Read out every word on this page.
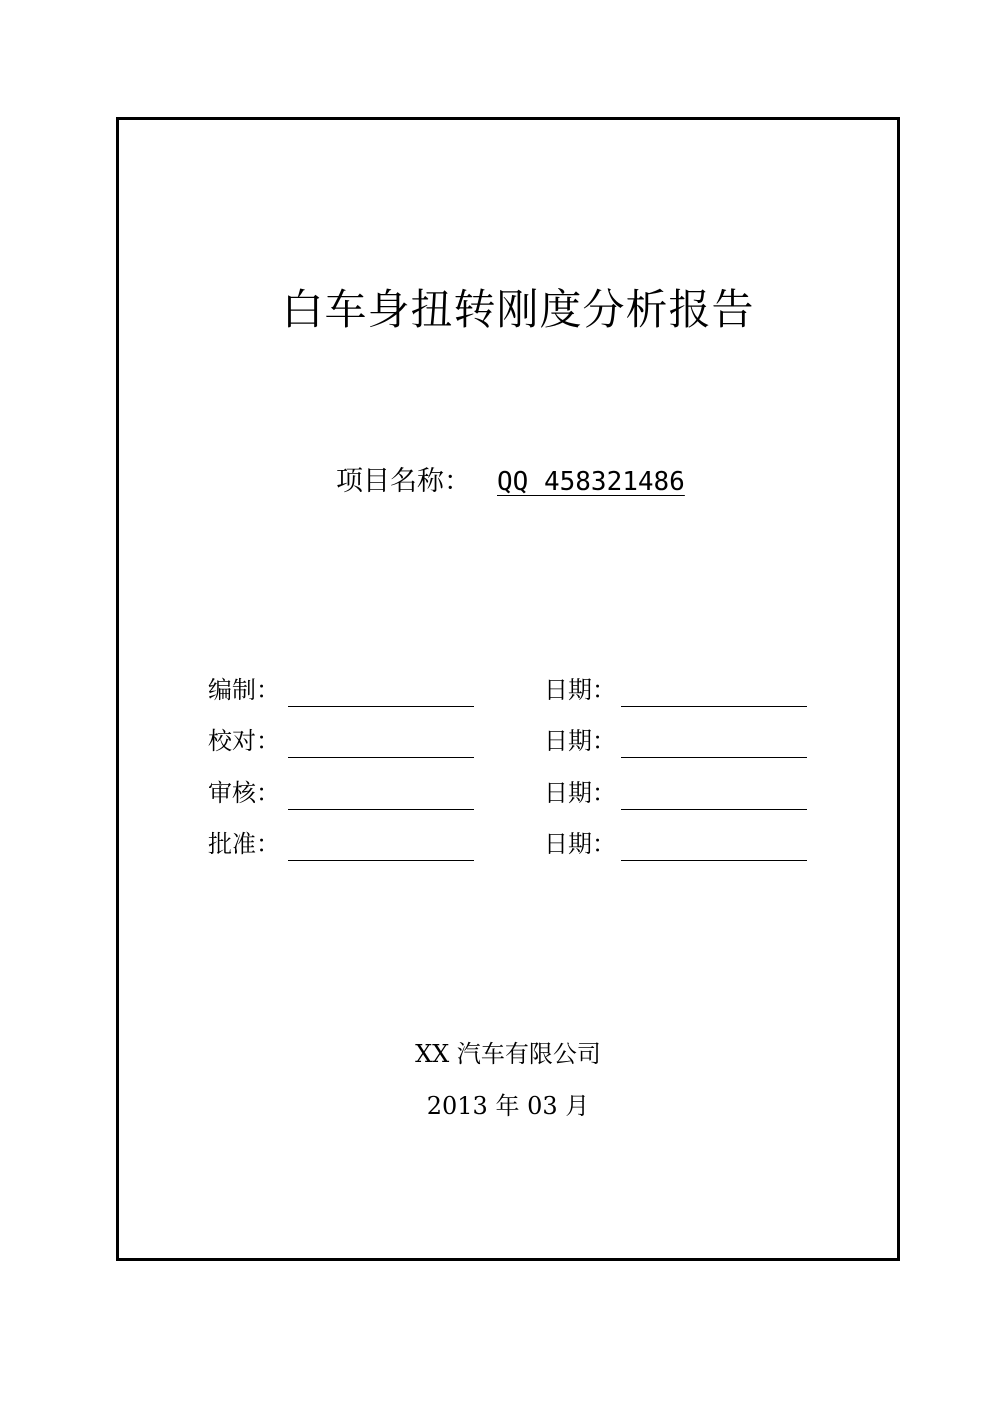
白车身扭转刚度分析报告
项目名称： QQ 458321486
编制：	日期：
校对：	日期：
审核：	日期：
批准：	日期：
XX 汽车有限公司
2013 年 03 月
